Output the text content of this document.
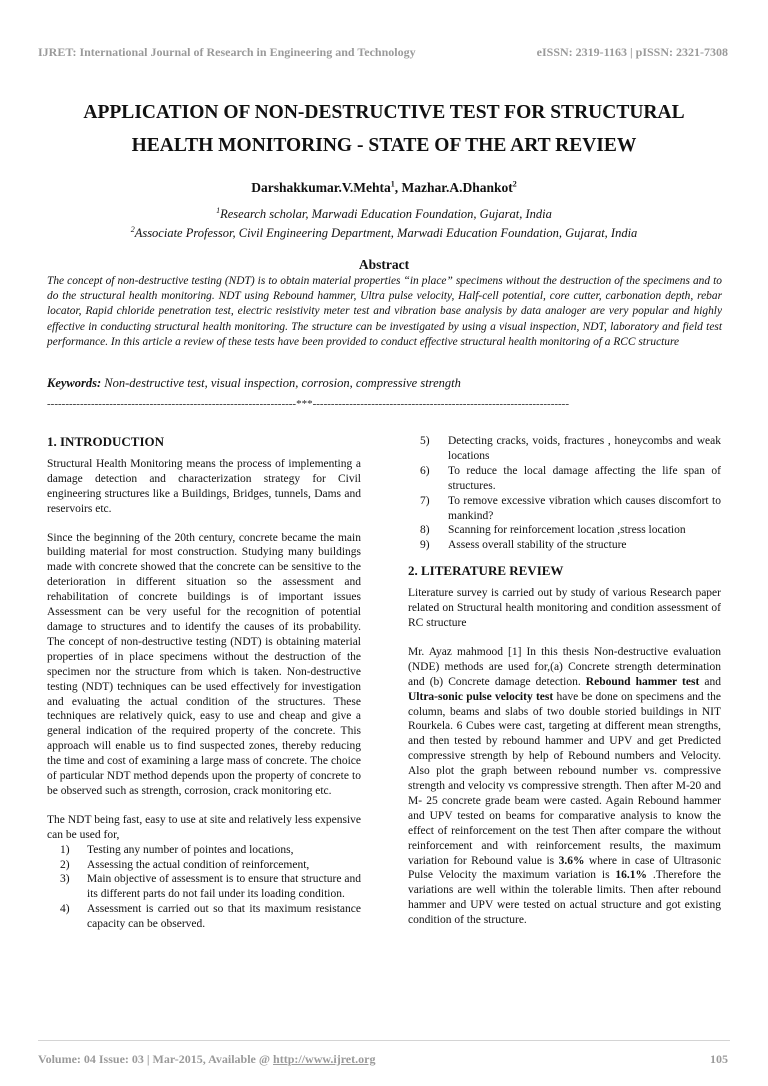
IJRET: International Journal of Research in Engineering and Technology	eISSN: 2319-1163 | pISSN: 2321-7308
APPLICATION OF NON-DESTRUCTIVE TEST FOR STRUCTURAL
HEALTH MONITORING - STATE OF THE ART REVIEW
Darshakkumar.V.Mehta$^1$, Mazhar.A.Dhankot$^2$
$^1$Research scholar, Marwadi Education Foundation, Gujarat, India
$^2$Associate Professor, Civil Engineering Department, Marwadi Education Foundation, Gujarat, India
Abstract
The concept of non-destructive testing (NDT) is to obtain material properties “in place” specimens without the destruction of the specimens and to do the structural health monitoring. NDT using Rebound hammer, Ultra pulse velocity, Half-cell potential, core cutter, carbonation depth, rebar locator, Rapid chloride penetration test, electric resistivity meter test and vibration base analysis by data analoger are very popular and highly effective in conducting structural health monitoring. The structure can be investigated by using a visual inspection, NDT, laboratory and field test performance. In this article a review of these tests have been provided to conduct effective structural health monitoring of a RCC structure
Keywords: Non-destructive test, visual inspection, corrosion, compressive strength
--------------------------------------------------------------------***----------------------------------------------------------------------
1. INTRODUCTION

Structural Health Monitoring means the process of implementing a damage detection and characterization strategy for Civil engineering structures like a Buildings, Bridges, tunnels, Dams and reservoirs etc.

Since the beginning of the 20th century, concrete became the main building material for most construction. Studying many buildings made with concrete showed that the concrete can be sensitive to the deterioration in different situation so the assessment and rehabilitation of concrete buildings is of important issues Assessment can be very useful for the recognition of potential damage to structures and to identify the causes of its probability. The concept of non-destructive testing (NDT) is obtaining material properties of in place specimens without the destruction of the specimen nor the structure from which is taken. Non-destructive testing (NDT) techniques can be used effectively for investigation and evaluating the actual condition of the structures. These techniques are relatively quick, easy to use and cheap and give a general indication of the required property of the concrete. This approach will enable us to find suspected zones, thereby reducing the time and cost of examining a large mass of concrete. The choice of particular NDT method depends upon the property of concrete to be observed such as strength, corrosion, crack monitoring etc.

The NDT being fast, easy to use at site and relatively less expensive can be used for,

1) Testing any number of pointes and locations,
2) Assessing the actual condition of reinforcement,
3) Main objective of assessment is to ensure that structure and its different parts do not fail under its loading condition.
4) Assessment is carried out so that its maximum resistance capacity can be observed.
5) Detecting cracks, voids, fractures , honeycombs and weak locations
6) To reduce the local damage affecting the life span of structures.
7) To remove excessive vibration which causes discomfort to mankind?
8) Scanning for reinforcement location ,stress location
9) Assess overall stability of the structure
2. LITERATURE REVIEW

Literature survey is carried out by study of various Research paper related on Structural health monitoring and condition assessment of RC structure

Mr. Ayaz mahmood [1] In this thesis Non-destructive evaluation (NDE) methods are used for,(a) Concrete strength determination and (b) Concrete damage detection. Rebound hammer test and Ultra-sonic pulse velocity test have be done on specimens and the column, beams and slabs of two double storied buildings in NIT Rourkela. 6 Cubes were cast, targeting at different mean strengths, and then tested by rebound hammer and UPV and get Predicted compressive strength by help of Rebound numbers and Velocity. Also plot the graph between rebound number vs. compressive strength and velocity vs compressive strength. Then after M-20 and M- 25 concrete grade beam were casted. Again Rebound hammer and UPV tested on beams for comparative analysis to know the effect of reinforcement on the test Then after compare the without reinforcement and with reinforcement results, the maximum variation for Rebound value is 3.6% where in case of Ultrasonic Pulse Velocity the maximum variation is 16.1% .Therefore the variations are well within the tolerable limits. Then after rebound hammer and UPV were tested on actual structure and got existing condition of the structure.

Volume: 04 Issue: 03 | Mar-2015, Available @ http://www.ijret.org	105
